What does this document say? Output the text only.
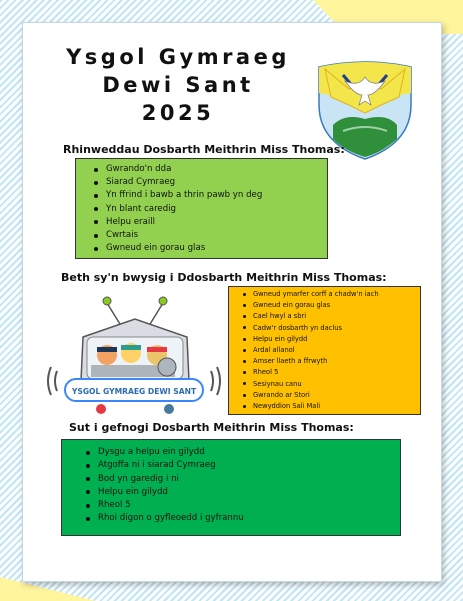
Ysgol Gymraeg
Dewi Sant
2025
Rhinweddau Dosbarth Meithrin Miss Thomas:
Gwrando'n dda
Siarad Cymraeg
Yn ffrind i bawb a thrin pawb yn deg
Yn blant caredig
Helpu eraill
Cwrtais
Gwneud ein gorau glas
Beth sy'n bwysig i Ddosbarth Meithrin Miss Thomas:
YSGOL GYMRAEG DEWI SANT
Gwneud ymarfer corff a chadw'n iach
Gwneud ein gorau glas
Cael hwyl a sbri
Cadw'r dosbarth yn daclus
Helpu ein gilydd
Ardal allanol
Amser llaeth a ffrwyth
Rheol 5
Sesiynau canu
Gwrando ar Stori
Newyddion Sali Mali
Sut i gefnogi Dosbarth Meithrin Miss Thomas:
Dysgu a helpu ein gilydd
Atgoffa ni i siarad Cymraeg
Bod yn garedig i ni
Helpu ein gilydd
Rheol 5
Rhoi digon o gyfleoedd i gyfrannu
